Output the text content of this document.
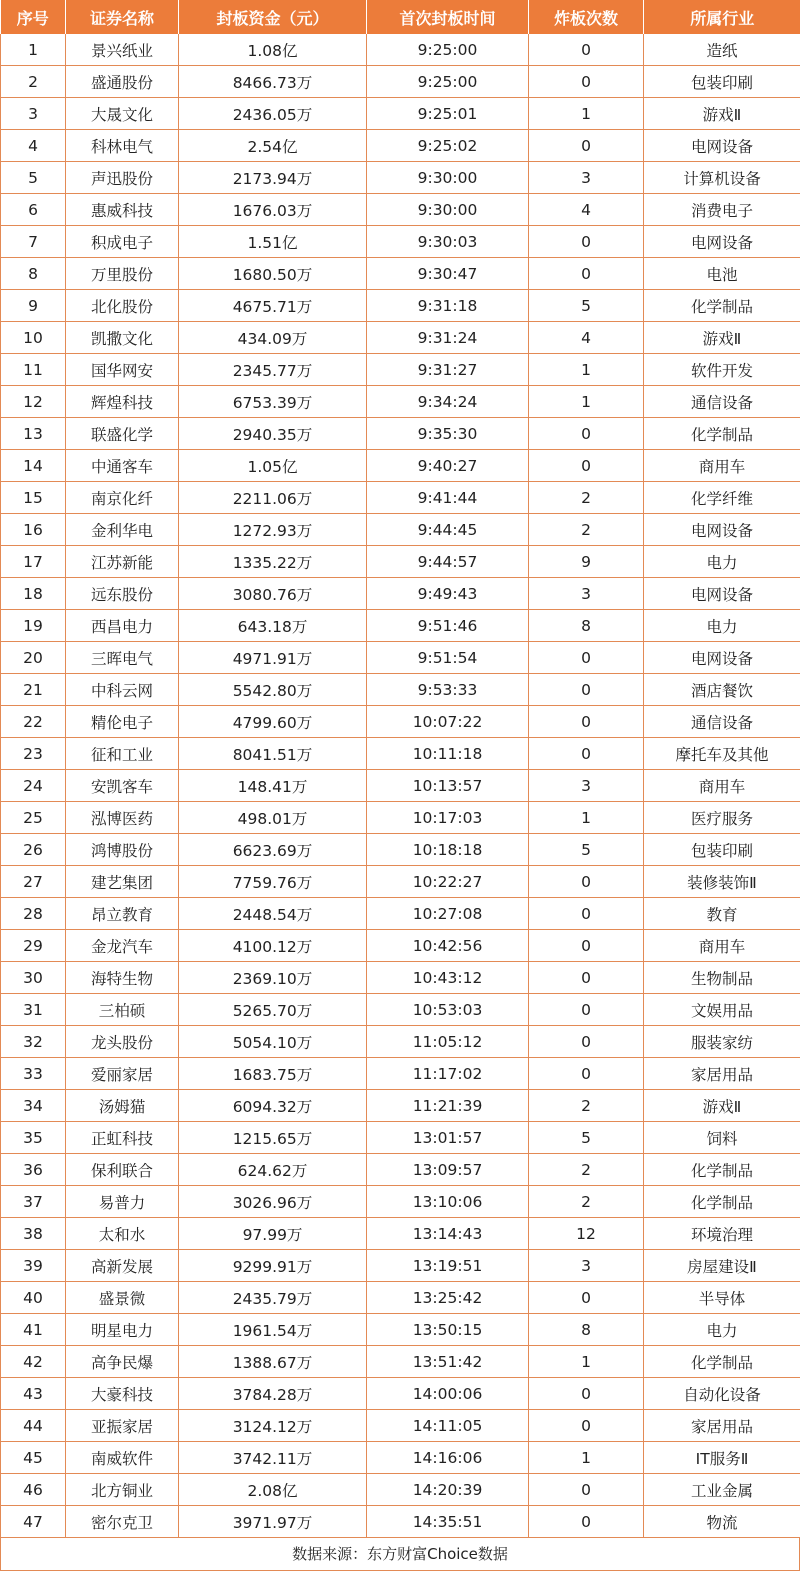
序号	证券名称	封板资金（元）	首次封板时间	炸板次数	所属行业
1	景兴纸业	1.08亿	9:25:00	0	造纸
2	盛通股份	8466.73万	9:25:00	0	包装印刷
3	大晟文化	2436.05万	9:25:01	1	游戏Ⅱ
4	科林电气	2.54亿	9:25:02	0	电网设备
5	声迅股份	2173.94万	9:30:00	3	计算机设备
6	惠威科技	1676.03万	9:30:00	4	消费电子
7	积成电子	1.51亿	9:30:03	0	电网设备
8	万里股份	1680.50万	9:30:47	0	电池
9	北化股份	4675.71万	9:31:18	5	化学制品
10	凯撒文化	434.09万	9:31:24	4	游戏Ⅱ
11	国华网安	2345.77万	9:31:27	1	软件开发
12	辉煌科技	6753.39万	9:34:24	1	通信设备
13	联盛化学	2940.35万	9:35:30	0	化学制品
14	中通客车	1.05亿	9:40:27	0	商用车
15	南京化纤	2211.06万	9:41:44	2	化学纤维
16	金利华电	1272.93万	9:44:45	2	电网设备
17	江苏新能	1335.22万	9:44:57	9	电力
18	远东股份	3080.76万	9:49:43	3	电网设备
19	西昌电力	643.18万	9:51:46	8	电力
20	三晖电气	4971.91万	9:51:54	0	电网设备
21	中科云网	5542.80万	9:53:33	0	酒店餐饮
22	精伦电子	4799.60万	10:07:22	0	通信设备
23	征和工业	8041.51万	10:11:18	0	摩托车及其他
24	安凯客车	148.41万	10:13:57	3	商用车
25	泓博医药	498.01万	10:17:03	1	医疗服务
26	鸿博股份	6623.69万	10:18:18	5	包装印刷
27	建艺集团	7759.76万	10:22:27	0	装修装饰Ⅱ
28	昂立教育	2448.54万	10:27:08	0	教育
29	金龙汽车	4100.12万	10:42:56	0	商用车
30	海特生物	2369.10万	10:43:12	0	生物制品
31	三柏硕	5265.70万	10:53:03	0	文娱用品
32	龙头股份	5054.10万	11:05:12	0	服装家纺
33	爱丽家居	1683.75万	11:17:02	0	家居用品
34	汤姆猫	6094.32万	11:21:39	2	游戏Ⅱ
35	正虹科技	1215.65万	13:01:57	5	饲料
36	保利联合	624.62万	13:09:57	2	化学制品
37	易普力	3026.96万	13:10:06	2	化学制品
38	太和水	97.99万	13:14:43	12	环境治理
39	高新发展	9299.91万	13:19:51	3	房屋建设Ⅱ
40	盛景微	2435.79万	13:25:42	0	半导体
41	明星电力	1961.54万	13:50:15	8	电力
42	高争民爆	1388.67万	13:51:42	1	化学制品
43	大豪科技	3784.28万	14:00:06	0	自动化设备
44	亚振家居	3124.12万	14:11:05	0	家居用品
45	南威软件	3742.11万	14:16:06	1	IT服务Ⅱ
46	北方铜业	2.08亿	14:20:39	0	工业金属
47	密尔克卫	3971.97万	14:35:51	0	物流
数据来源：东方财富Choice数据
